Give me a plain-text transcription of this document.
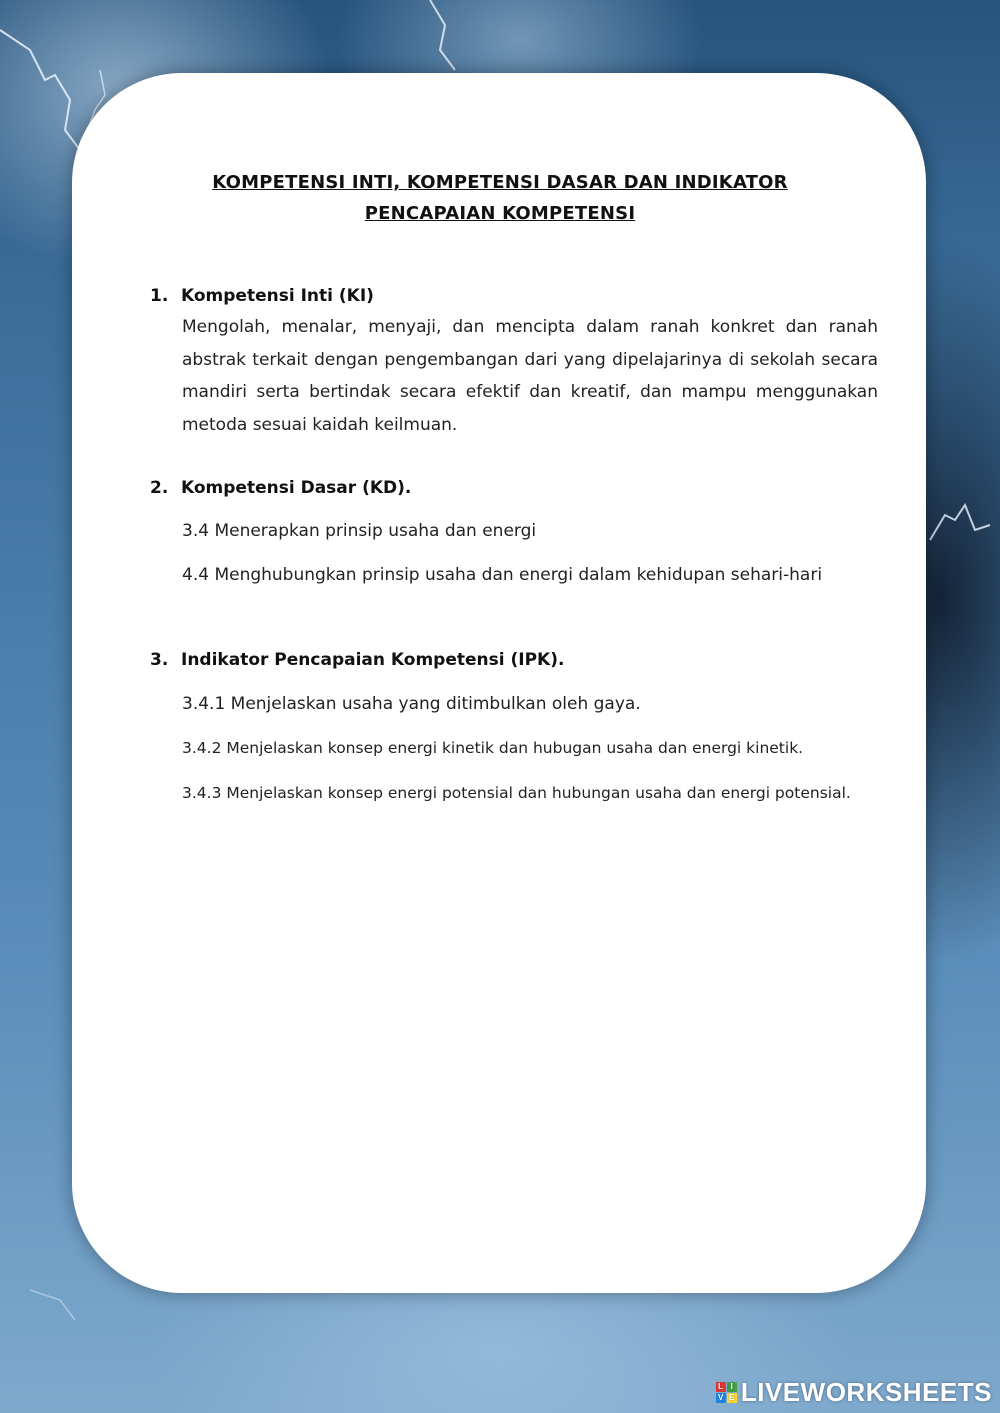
KOMPETENSI INTI, KOMPETENSI DASAR DAN INDIKATOR
PENCAPAIAN KOMPETENSI
1. Kompetensi Inti (KI)
Mengolah, menalar, menyaji, dan mencipta dalam ranah konkret dan ranah abstrak terkait dengan pengembangan dari yang dipelajarinya di sekolah secara mandiri serta bertindak secara efektif dan kreatif, dan mampu menggunakan metoda sesuai kaidah keilmuan.
2. Kompetensi Dasar (KD).
3.4 Menerapkan prinsip usaha dan energi
4.4 Menghubungkan prinsip usaha dan energi dalam kehidupan sehari-hari
3. Indikator Pencapaian Kompetensi (IPK).
3.4.1 Menjelaskan usaha yang ditimbulkan oleh gaya.
3.4.2 Menjelaskan konsep energi kinetik dan hubugan usaha dan energi kinetik.
3.4.3 Menjelaskan konsep energi potensial dan hubungan usaha dan energi potensial.
L I
V E LIVEWORKSHEETS
